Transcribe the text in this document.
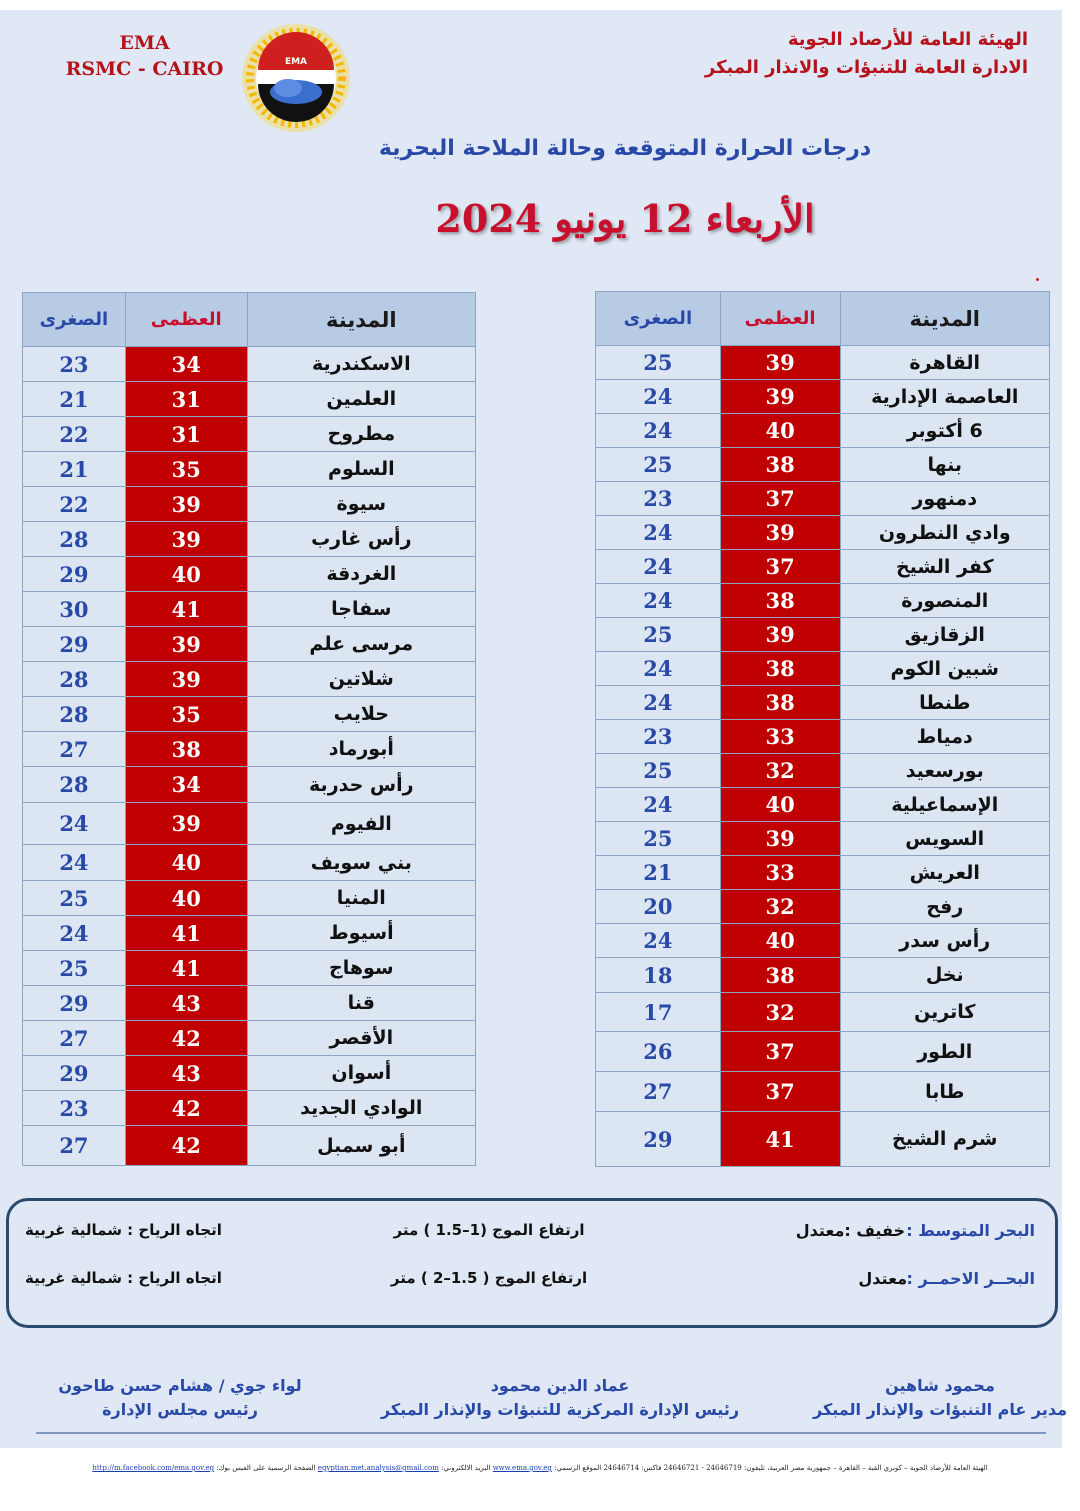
EMA
RSMC - CAIRO	EMA
الهيئة العامة للأرصاد الجوية
الادارة العامة للتنبؤات والانذار المبكر
درجات الحرارة المتوقعة وحالة الملاحة البحرية
الأربعاء 12 يونيو 2024
المدينة	العظمى	الصغرى
القاهرة	39	25
العاصمة الإدارية	39	24
6 أكتوبر	40	24
بنها	38	25
دمنهور	37	23
وادي النطرون	39	24
كفر الشيخ	37	24
المنصورة	38	24
الزقازيق	39	25
شبين الكوم	38	24
طنطا	38	24
دمياط	33	23
بورسعيد	32	25
الإسماعيلية	40	24
السويس	39	25
العريش	33	21
رفح	32	20
رأس سدر	40	24
نخل	38	18
كاترين	32	17
الطور	37	26
طابا	37	27
شرم الشيخ	41	29
المدينة	العظمى	الصغرى
الاسكندرية	34	23
العلمين	31	21
مطروح	31	22
السلوم	35	21
سيوة	39	22
رأس غارب	39	28
الغردقة	40	29
سفاجا	41	30
مرسى علم	39	29
شلاتين	39	28
حلايب	35	28
أبورماد	38	27
رأس حدربة	34	28
الفيوم	39	24
بني سويف	40	24
المنيا	40	25
أسيوط	41	24
سوهاج	41	25
قنا	43	29
الأقصر	42	27
أسوان	43	29
الوادي الجديد	42	23
أبو سمبل	42	27
البحر المتوسط :
خفيف :معتدل
ارتفاع الموج (1–1.5 ) متر
اتجاه الرياح : شمالية غربية
البحــر الاحمــر :
معتدل
ارتفاع الموج ( 1.5–2 ) متر
اتجاه الرياح : شمالية غربية
محمود شاهين
مدير عام التنبؤات والإنذار المبكر
عماد الدين محمود
رئيس الإدارة المركزية للتنبؤات والإنذار المبكر
لواء جوي / هشام حسن طاحون
رئيس مجلس الإدارة
الهيئة العامة للأرصاد الجوية – كوبري القبة – القاهرة – جمهورية مصر العربية، تليفون: 24646719 - 24646721 فاكس: 24646714 الموقع الرسمي: www.ema.gov.eg البريد الالكتروني: egyptian.met.analysis@gmail.com الصفحة الرسمية على الفيس بوك: http://m.facebook.com/ema.gov.eg
